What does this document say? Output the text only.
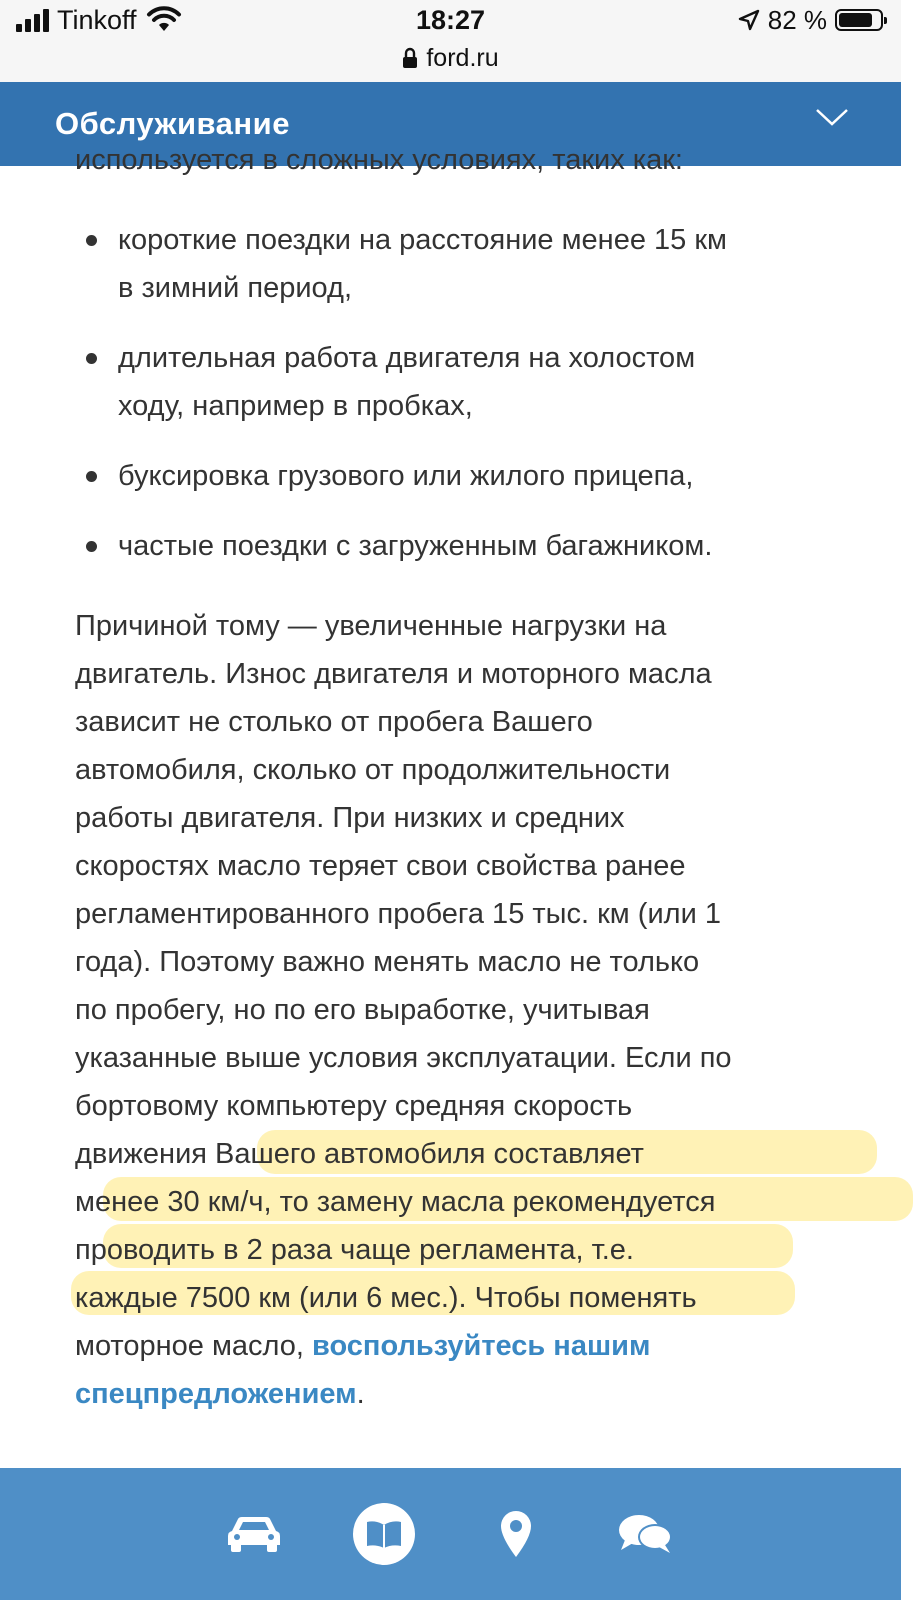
Tinkoff	18:27	82 %
ford.ru
Обслуживание
используется в сложных условиях, таких как:
короткие поездки на расстояние менее 15 км
в зимний период,
длительная работа двигателя на холостом
ходу, например в пробках,
буксировка грузового или жилого прицепа,
частые поездки с загруженным багажником.
Причиной тому — увеличенные нагрузки на
двигатель. Износ двигателя и моторного масла
зависит не столько от пробега Вашего
автомобиля, сколько от продолжительности
работы двигателя. При низких и средних
скоростях масло теряет свои свойства ранее
регламентированного пробега 15 тыс. км (или 1
года). Поэтому важно менять масло не только
по пробегу, но по его выработке, учитывая
указанные выше условия эксплуатации. Если по
бортовому компьютеру средняя скорость
движения Вашего автомобиля составляет
менее 30 км/ч, то замену масла рекомендуется
проводить в 2 раза чаще регламента, т.е.
каждые 7500 км (или 6 мес.). Чтобы поменять
моторное масло, воспользуйтесь нашим
спецпредложением.
